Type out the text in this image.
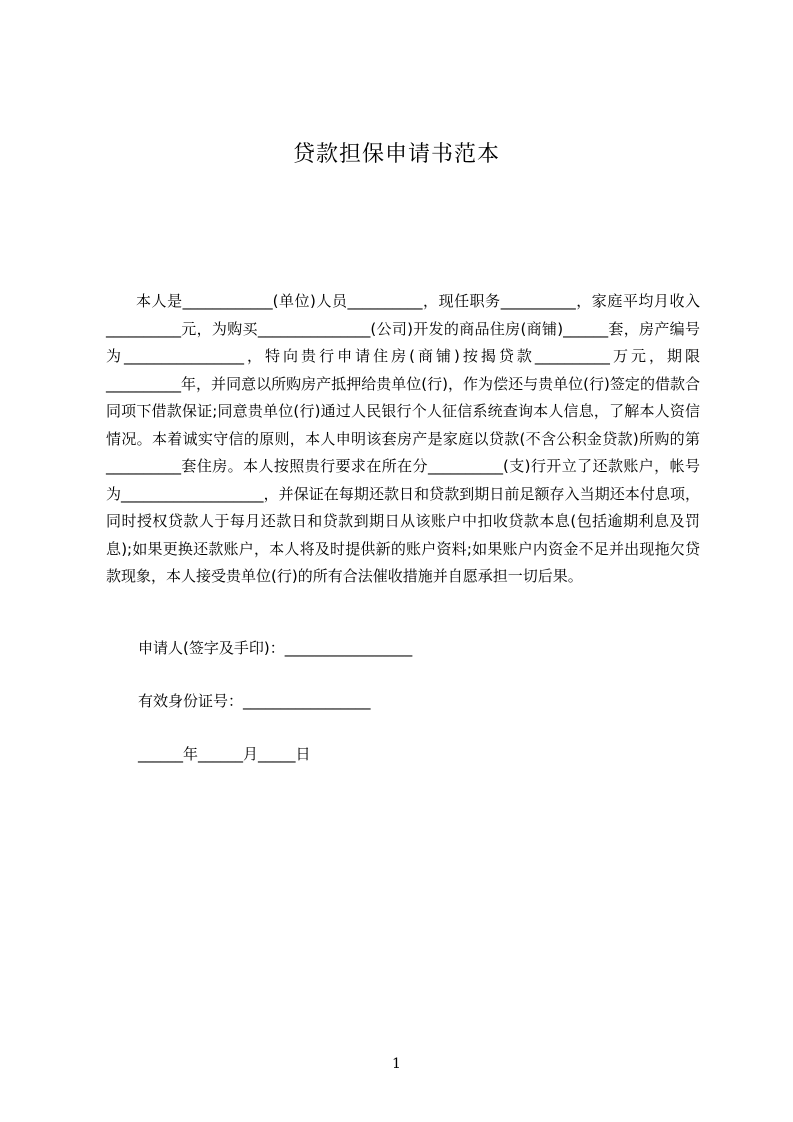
贷款担保申请书范本

本人是____________(单位)人员__________，现任职务__________，家庭平均月收入__________元，为购买_______________(公司)开发的商品住房(商铺)______套，房产编号为________________，特向贵行申请住房(商铺)按揭贷款__________万元，期限__________年，并同意以所购房产抵押给贵单位(行)，作为偿还与贵单位(行)签定的借款合同项下借款保证;同意贵单位(行)通过人民银行个人征信系统查询本人信息，了解本人资信情况。本着诚实守信的原则，本人申明该套房产是家庭以贷款(不含公积金贷款)所购的第__________套住房。本人按照贵行要求在所在分__________(支)行开立了还款账户，帐号为___________________，并保证在每期还款日和贷款到期日前足额存入当期还本付息项，同时授权贷款人于每月还款日和贷款到期日从该账户中扣收贷款本息(包括逾期利息及罚息);如果更换还款账户，本人将及时提供新的账户资料;如果账户内资金不足并出现拖欠贷款现象，本人接受贵单位(行)的所有合法催收措施并自愿承担一切后果。

申请人(签字及手印)：_________________
有效身份证号：_________________
______年______月_____日
1
